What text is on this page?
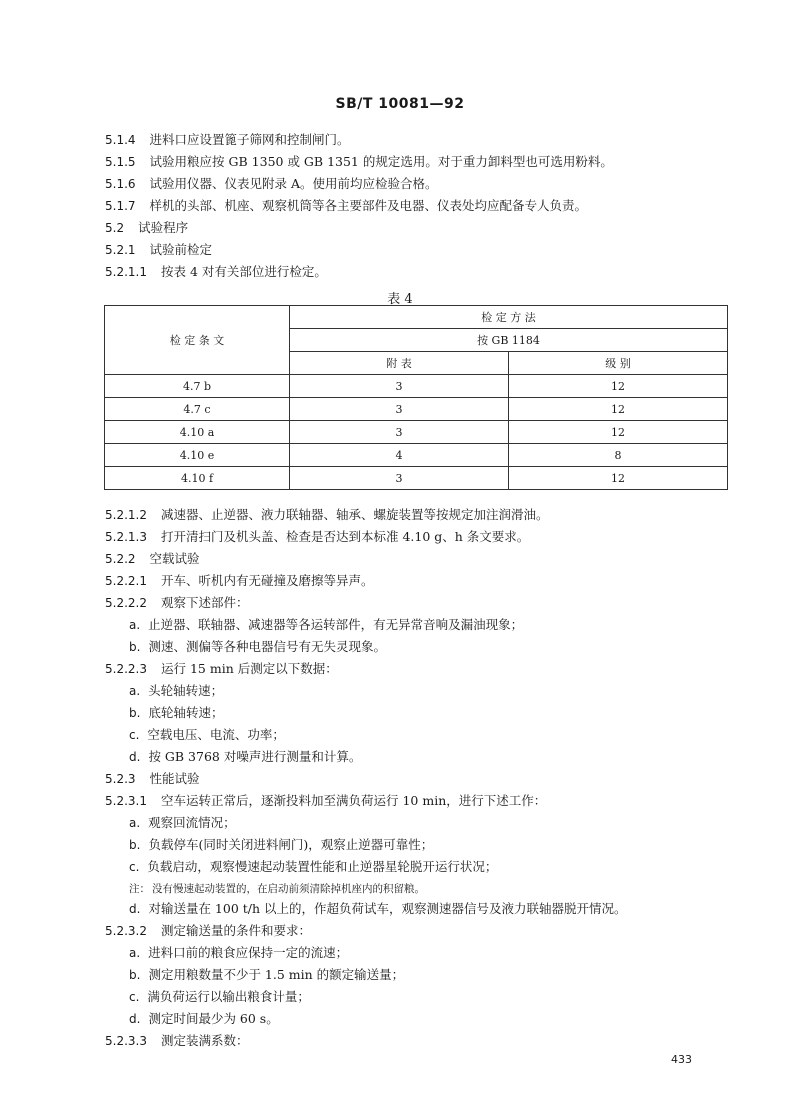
SB/T 10081—92
5.1.4 进料口应设置篦子筛网和控制闸门。
5.1.5 试验用粮应按 GB 1350 或 GB 1351 的规定选用。对于重力卸料型也可选用粉料。
5.1.6 试验用仪器、仪表见附录 A。使用前均应检验合格。
5.1.7 样机的头部、机座、观察机筒等各主要部件及电器、仪表处均应配备专人负责。
5.2 试验程序
5.2.1 试验前检定
5.2.1.1 按表 4 对有关部位进行检定。
表 4
检 定 条 文	检 定 方 法	
	按 GB 1184	
	附 表	级 别
4.7 b	3	12
4.7 c	3	12
4.10 a	3	12
4.10 e	4	8
4.10 f	3	12
5.2.1.2 减速器、止逆器、液力联轴器、轴承、螺旋装置等按规定加注润滑油。
5.2.1.3 打开清扫门及机头盖、检查是否达到本标准 4.10 g、h 条文要求。
5.2.2 空载试验
5.2.2.1 开车、听机内有无碰撞及磨擦等异声。
5.2.2.2 观察下述部件：
a. 止逆器、联轴器、减速器等各运转部件，有无异常音响及漏油现象；
b. 测速、测偏等各种电器信号有无失灵现象。
5.2.2.3 运行 15 min 后测定以下数据：
a. 头轮轴转速；
b. 底轮轴转速；
c. 空载电压、电流、功率；
d. 按 GB 3768 对噪声进行测量和计算。
5.2.3 性能试验
5.2.3.1 空车运转正常后，逐渐投料加至满负荷运行 10 min，进行下述工作：
a. 观察回流情况；
b. 负载停车(同时关闭进料闸门)，观察止逆器可靠性；
c. 负载启动，观察慢速起动装置性能和止逆器星轮脱开运行状况；
注： 没有慢速起动装置的，在启动前须清除掉机座内的积留粮。
d. 对输送量在 100 t/h 以上的，作超负荷试车，观察测速器信号及液力联轴器脱开情况。
5.2.3.2 测定输送量的条件和要求：
a. 进料口前的粮食应保持一定的流速；
b. 测定用粮数量不少于 1.5 min 的额定输送量；
c. 满负荷运行以输出粮食计量；
d. 测定时间最少为 60 s。
5.2.3.3 测定装满系数：
433
